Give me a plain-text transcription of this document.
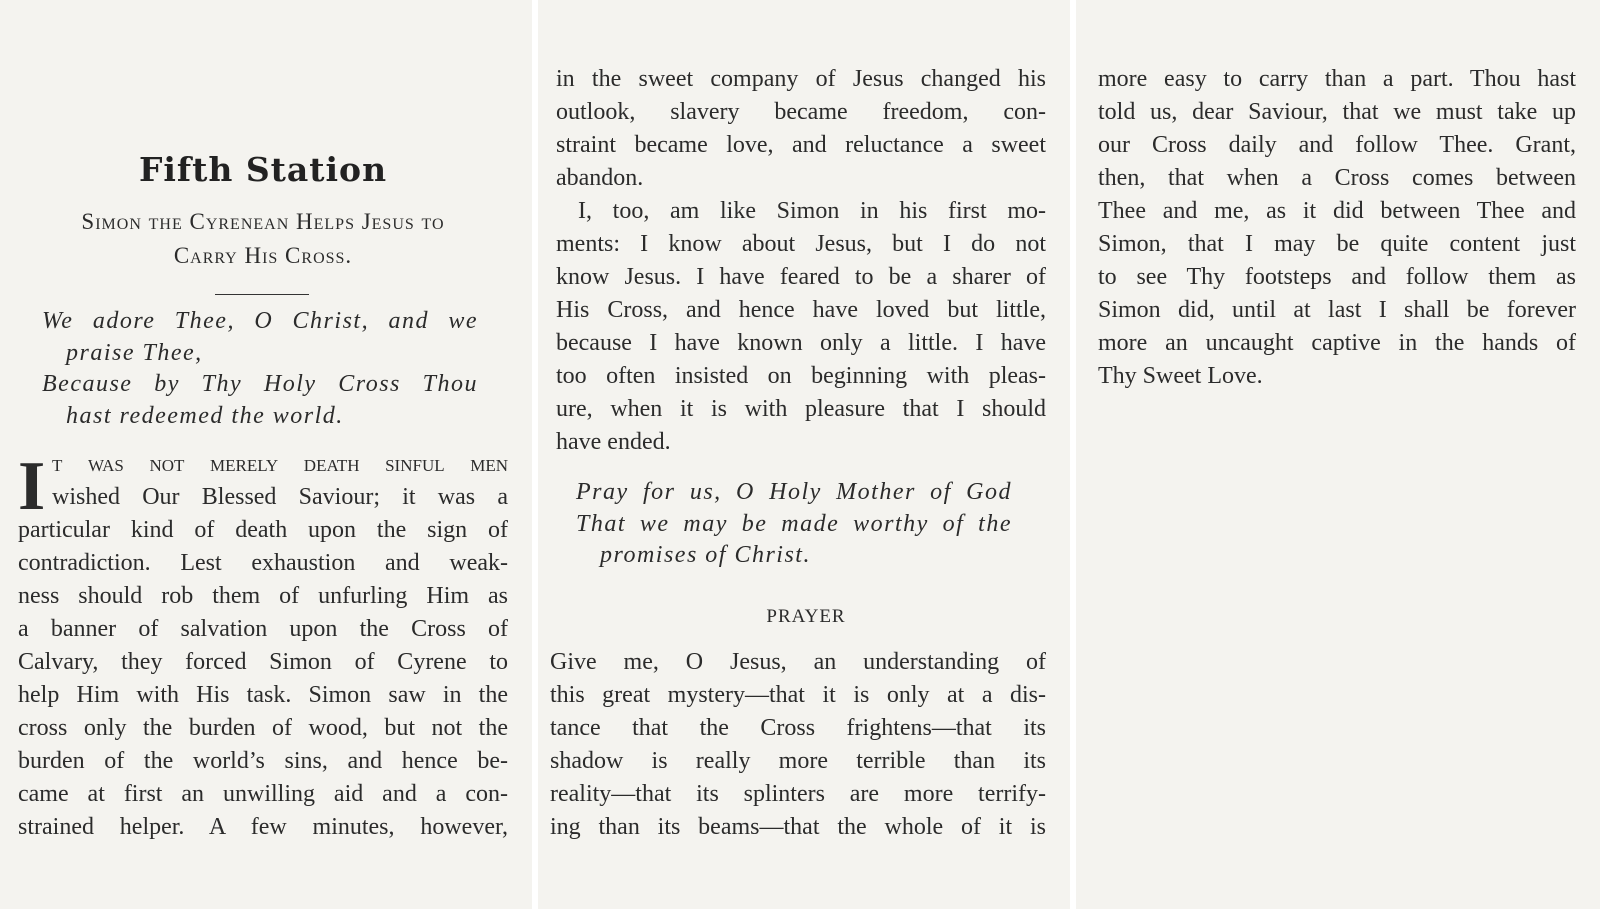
Fifth Station
Simon the Cyrenean Helps Jesus to
Carry His Cross.
We adore Thee, O Christ, and we
praise Thee,
Because by Thy Holy Cross Thou
hast redeemed the world.
I t was not merely death sinful men
wished Our Blessed Saviour; it was a
particular kind of death upon the sign of
contradiction. Lest exhaustion and weak-
ness should rob them of unfurling Him as
a banner of salvation upon the Cross of
Calvary, they forced Simon of Cyrene to
help Him with His task. Simon saw in the
cross only the burden of wood, but not the
burden of the world’s sins, and hence be-
came at first an unwilling aid and a con-
strained helper. A few minutes, however,
in the sweet company of Jesus changed his
outlook, slavery became freedom, con-
straint became love, and reluctance a sweet
abandon.
I, too, am like Simon in his first mo-
ments: I know about Jesus, but I do not
know Jesus. I have feared to be a sharer of
His Cross, and hence have loved but little,
because I have known only a little. I have
too often insisted on beginning with pleas-
ure, when it is with pleasure that I should
have ended.
Pray for us, O Holy Mother of God
That we may be made worthy of the
promises of Christ.
PRAYER
Give me, O Jesus, an understanding of
this great mystery—that it is only at a dis-
tance that the Cross frightens—that its
shadow is really more terrible than its
reality—that its splinters are more terrify-
ing than its beams—that the whole of it is
more easy to carry than a part. Thou hast
told us, dear Saviour, that we must take up
our Cross daily and follow Thee. Grant,
then, that when a Cross comes between
Thee and me, as it did between Thee and
Simon, that I may be quite content just
to see Thy footsteps and follow them as
Simon did, until at last I shall be forever
more an uncaught captive in the hands of
Thy Sweet Love.
